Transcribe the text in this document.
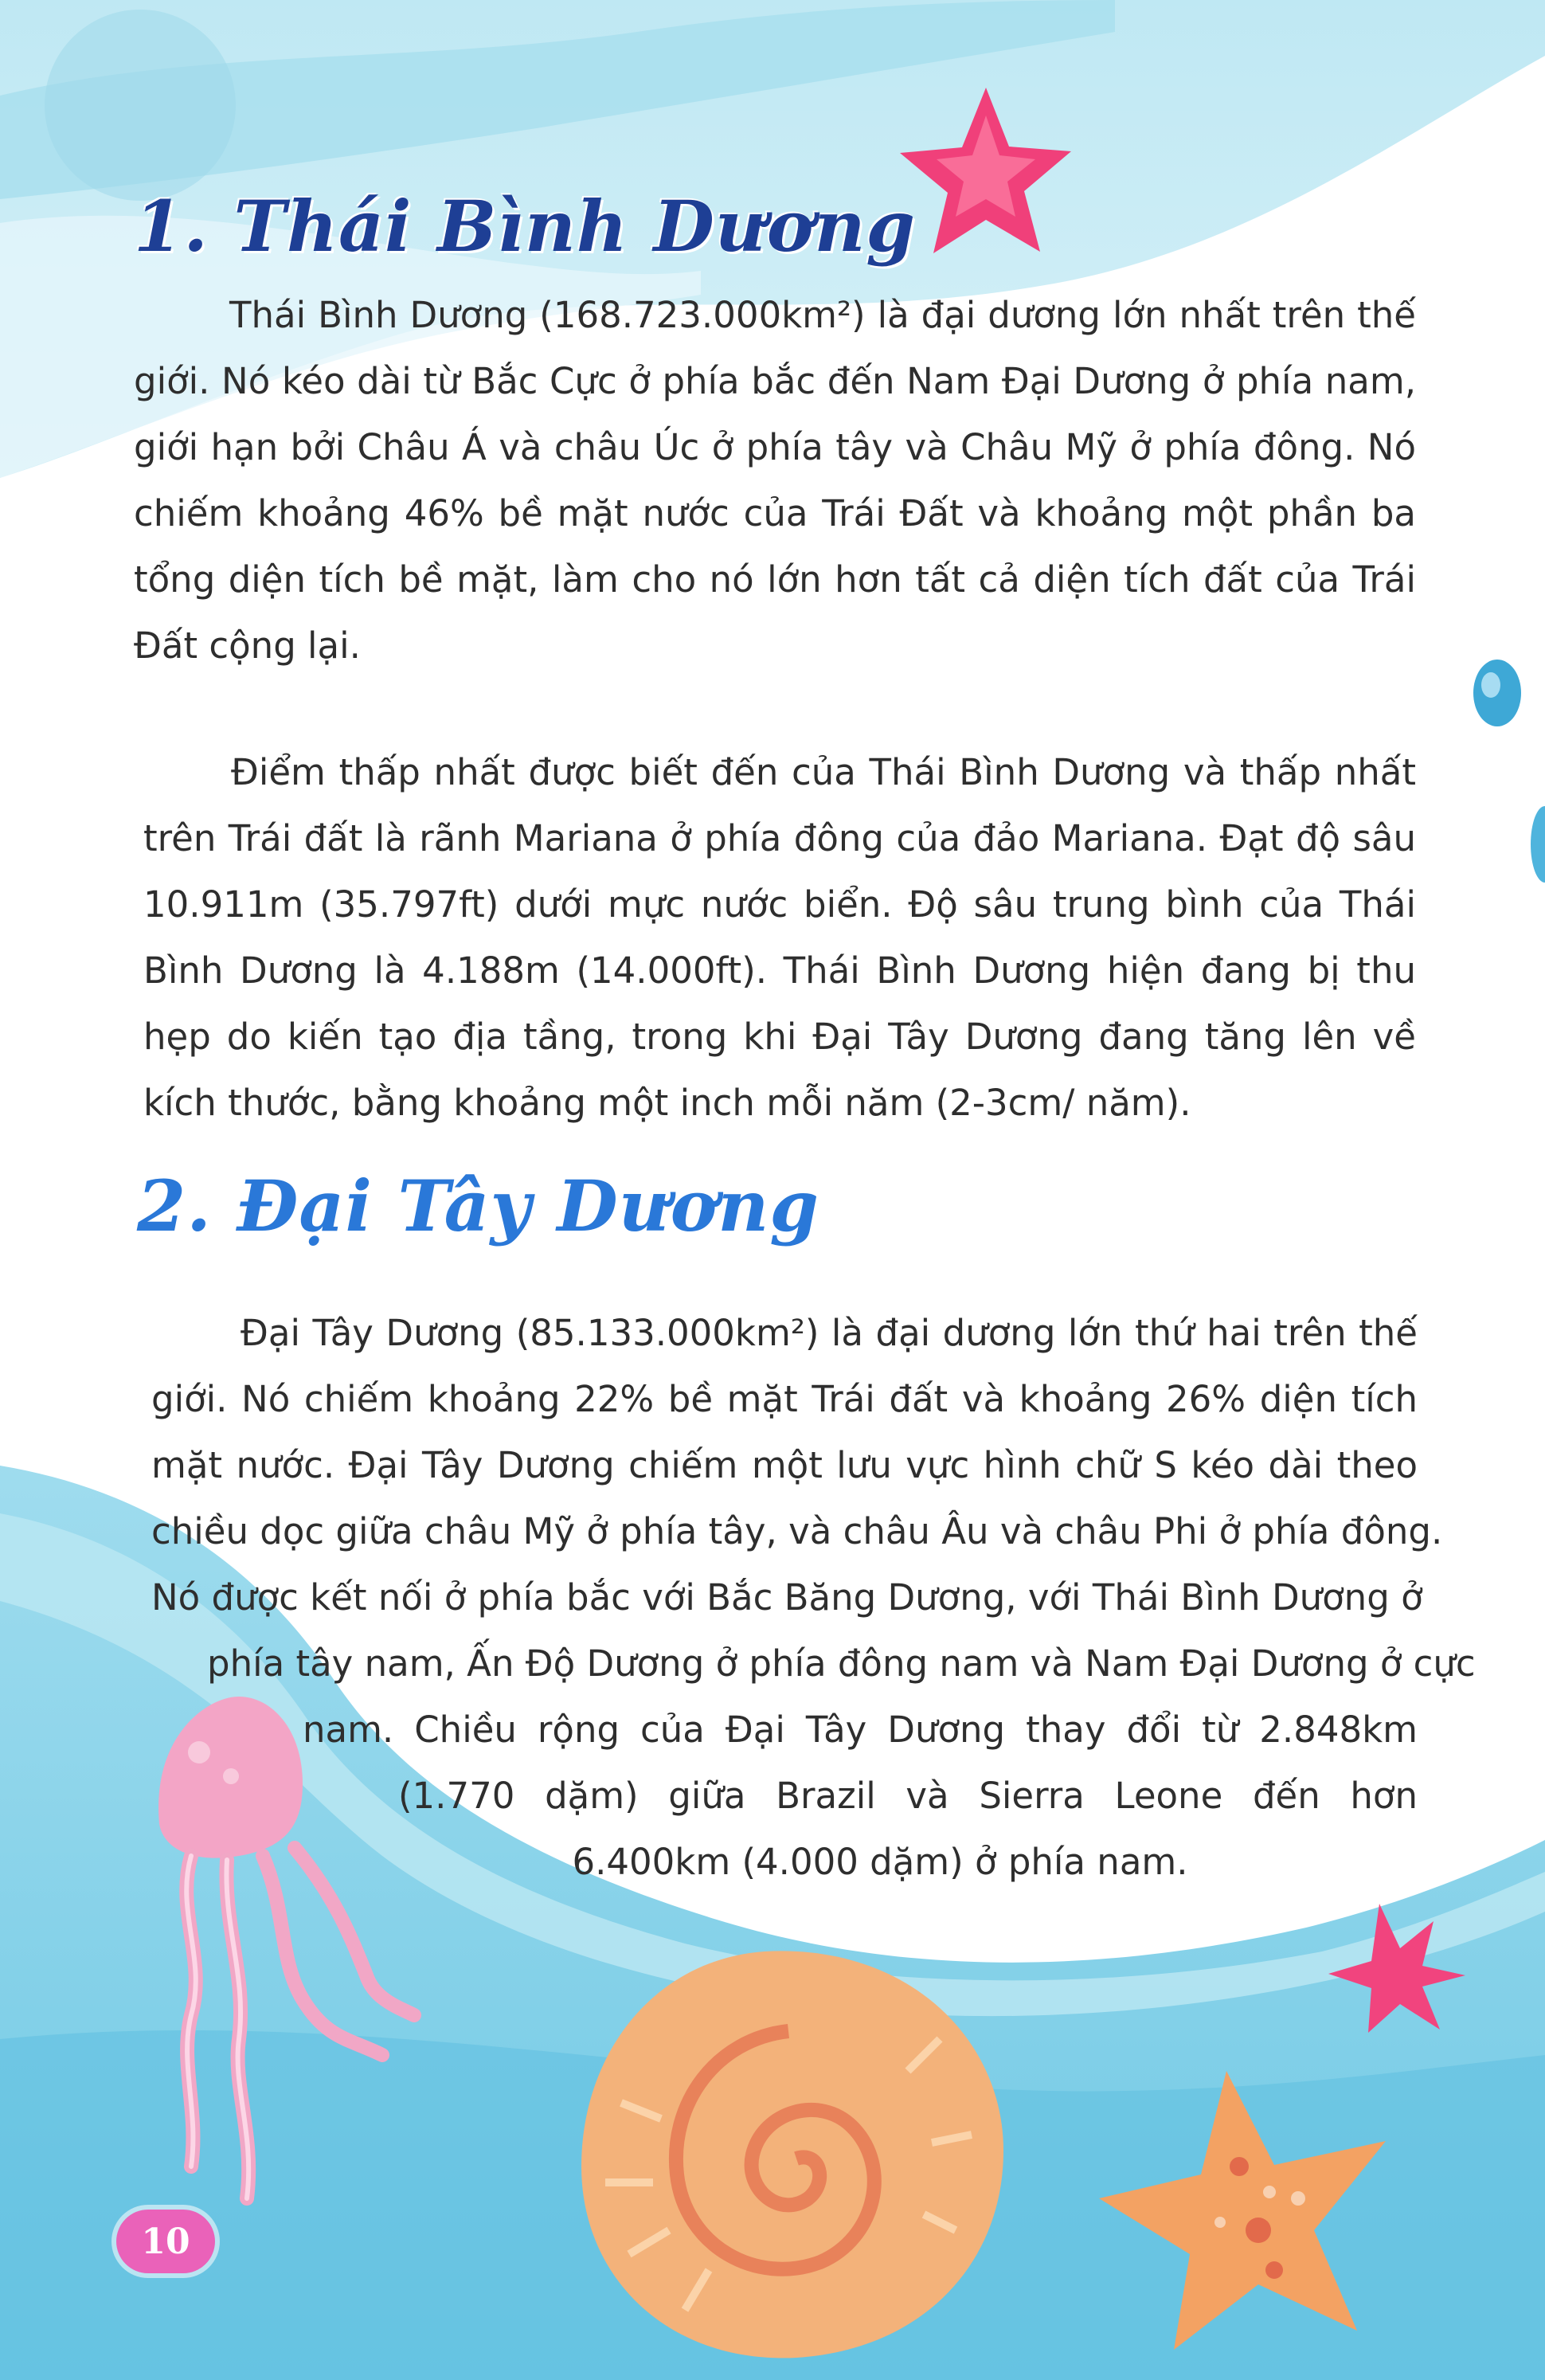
1. Thái Bình Dương
Thái Bình Dương (168.723.000km²) là đại dương lớn nhất trên thế
giới. Nó kéo dài từ Bắc Cực ở phía bắc đến Nam Đại Dương ở phía nam,
giới hạn bởi Châu Á và châu Úc ở phía tây và Châu Mỹ ở phía đông. Nó
chiếm khoảng 46% bề mặt nước của Trái Đất và khoảng một phần ba
tổng diện tích bề mặt, làm cho nó lớn hơn tất cả diện tích đất của Trái
Đất cộng lại.
Điểm thấp nhất được biết đến của Thái Bình Dương và thấp nhất
trên Trái đất là rãnh Mariana ở phía đông của đảo Mariana. Đạt độ sâu
10.911m (35.797ft) dưới mực nước biển. Độ sâu trung bình của Thái
Bình Dương là 4.188m (14.000ft). Thái Bình Dương hiện đang bị thu
hẹp do kiến tạo địa tầng, trong khi Đại Tây Dương đang tăng lên về
kích thước, bằng khoảng một inch mỗi năm (2-3cm/ năm).
2. Đại Tây Dương
Đại Tây Dương (85.133.000km²) là đại dương lớn thứ hai trên thế
giới. Nó chiếm khoảng 22% bề mặt Trái đất và khoảng 26% diện tích
mặt nước. Đại Tây Dương chiếm một lưu vực hình chữ S kéo dài theo
chiều dọc giữa châu Mỹ ở phía tây, và châu Âu và châu Phi ở phía đông.
Nó được kết nối ở phía bắc với Bắc Băng Dương, với Thái Bình Dương ở
phía tây nam, Ấn Độ Dương ở phía đông nam và Nam Đại Dương ở cực
nam. Chiều rộng của Đại Tây Dương thay đổi từ 2.848km
(1.770 dặm) giữa Brazil và Sierra Leone đến hơn
6.400km (4.000 dặm) ở phía nam.
10
